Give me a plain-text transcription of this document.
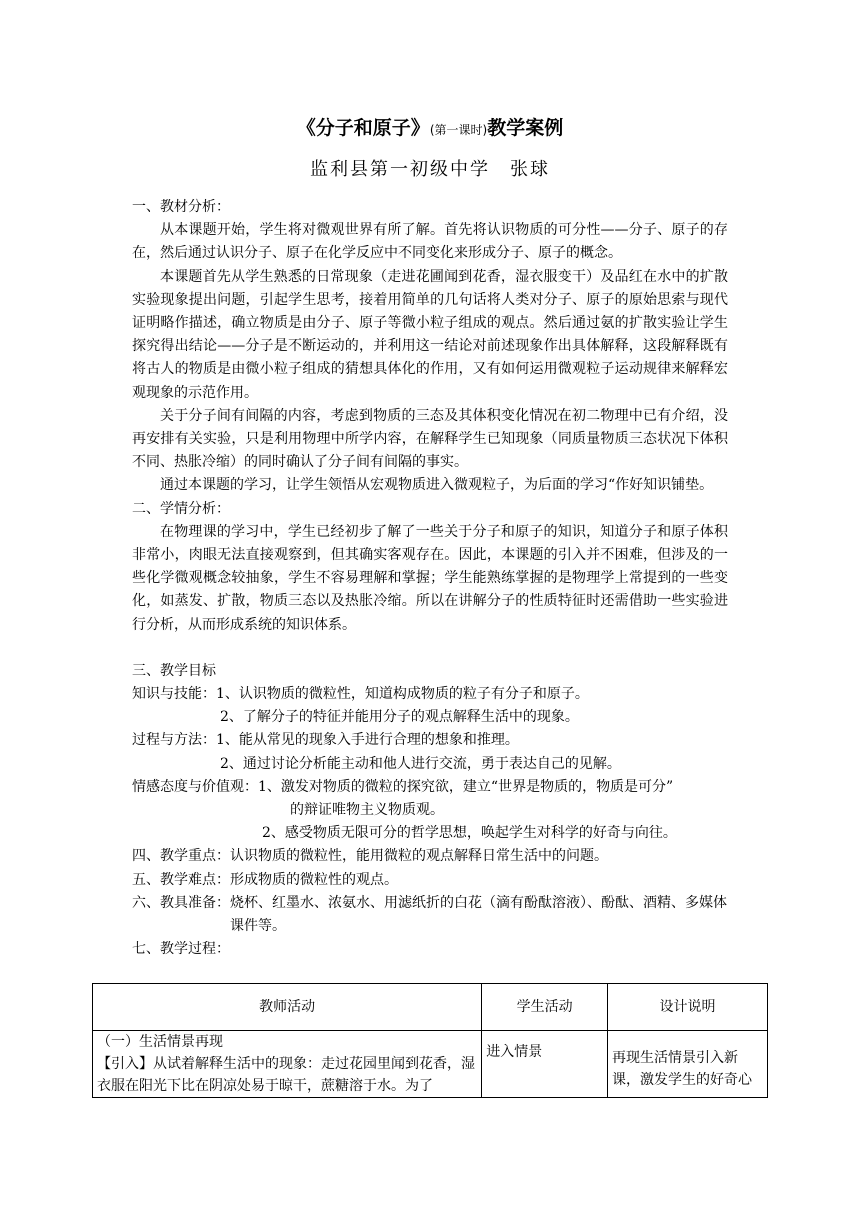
《分子和原子》(第一课时)教学案例
监利县第一初级中学　张球

一、教材分析：

从本课题开始，学生将对微观世界有所了解。首先将认识物质的可分性——分子、原子的存在，然后通过认识分子、原子在化学反应中不同变化来形成分子、原子的概念。

本课题首先从学生熟悉的日常现象（走进花圃闻到花香，湿衣服变干）及品红在水中的扩散实验现象提出问题，引起学生思考，接着用简单的几句话将人类对分子、原子的原始思索与现代证明略作描述，确立物质是由分子、原子等微小粒子组成的观点。然后通过氨的扩散实验让学生探究得出结论——分子是不断运动的，并利用这一结论对前述现象作出具体解释，这段解释既有将古人的物质是由微小粒子组成的猜想具体化的作用，又有如何运用微观粒子运动规律来解释宏观现象的示范作用。

关于分子间有间隔的内容，考虑到物质的三态及其体积变化情况在初二物理中已有介绍，没再安排有关实验，只是利用物理中所学内容，在解释学生已知现象（同质量物质三态状况下体积不同、热胀冷缩）的同时确认了分子间有间隔的事实。

通过本课题的学习，让学生领悟从宏观物质进入微观粒子，为后面的学习“作好知识铺垫。

二、学情分析：

在物理课的学习中，学生已经初步了解了一些关于分子和原子的知识，知道分子和原子体积非常小，肉眼无法直接观察到，但其确实客观存在。因此，本课题的引入并不困难，但涉及的一些化学微观概念较抽象，学生不容易理解和掌握；学生能熟练掌握的是物理学上常提到的一些变化，如蒸发、扩散，物质三态以及热胀冷缩。所以在讲解分子的性质特征时还需借助一些实验进行分析，从而形成系统的知识体系。

三、教学目标

知识与技能：1、认识物质的微粒性，知道构成物质的粒子有分子和原子。

2、了解分子的特征并能用分子的观点解释生活中的现象。

过程与方法：1、能从常见的现象入手进行合理的想象和推理。

2、通过讨论分析能主动和他人进行交流，勇于表达自己的见解。

情感态度与价值观：1、激发对物质的微粒的探究欲，建立“世界是物质的，物质是可分”

的辩证唯物主义物质观。

2、感受物质无限可分的哲学思想，唤起学生对科学的好奇与向往。

四、教学重点：认识物质的微粒性，能用微粒的观点解释日常生活中的问题。

五、教学难点：形成物质的微粒性的观点。

六、教具准备： 烧杯、红墨水、浓氨水、用滤纸折的白花（滴有酚酞溶液）、酚酞、酒精、多媒体课件等。

七、教学过程：

教师活动	学生活动	设计说明

（一）生活情景再现
【引入】从试着解释生活中的现象：走过花园里闻到花香，湿衣服在阳光下比在阴凉处易于晾干，蔗糖溶于水。为了	进入情景	再现生活情景引入新课，激发学生的好奇心
